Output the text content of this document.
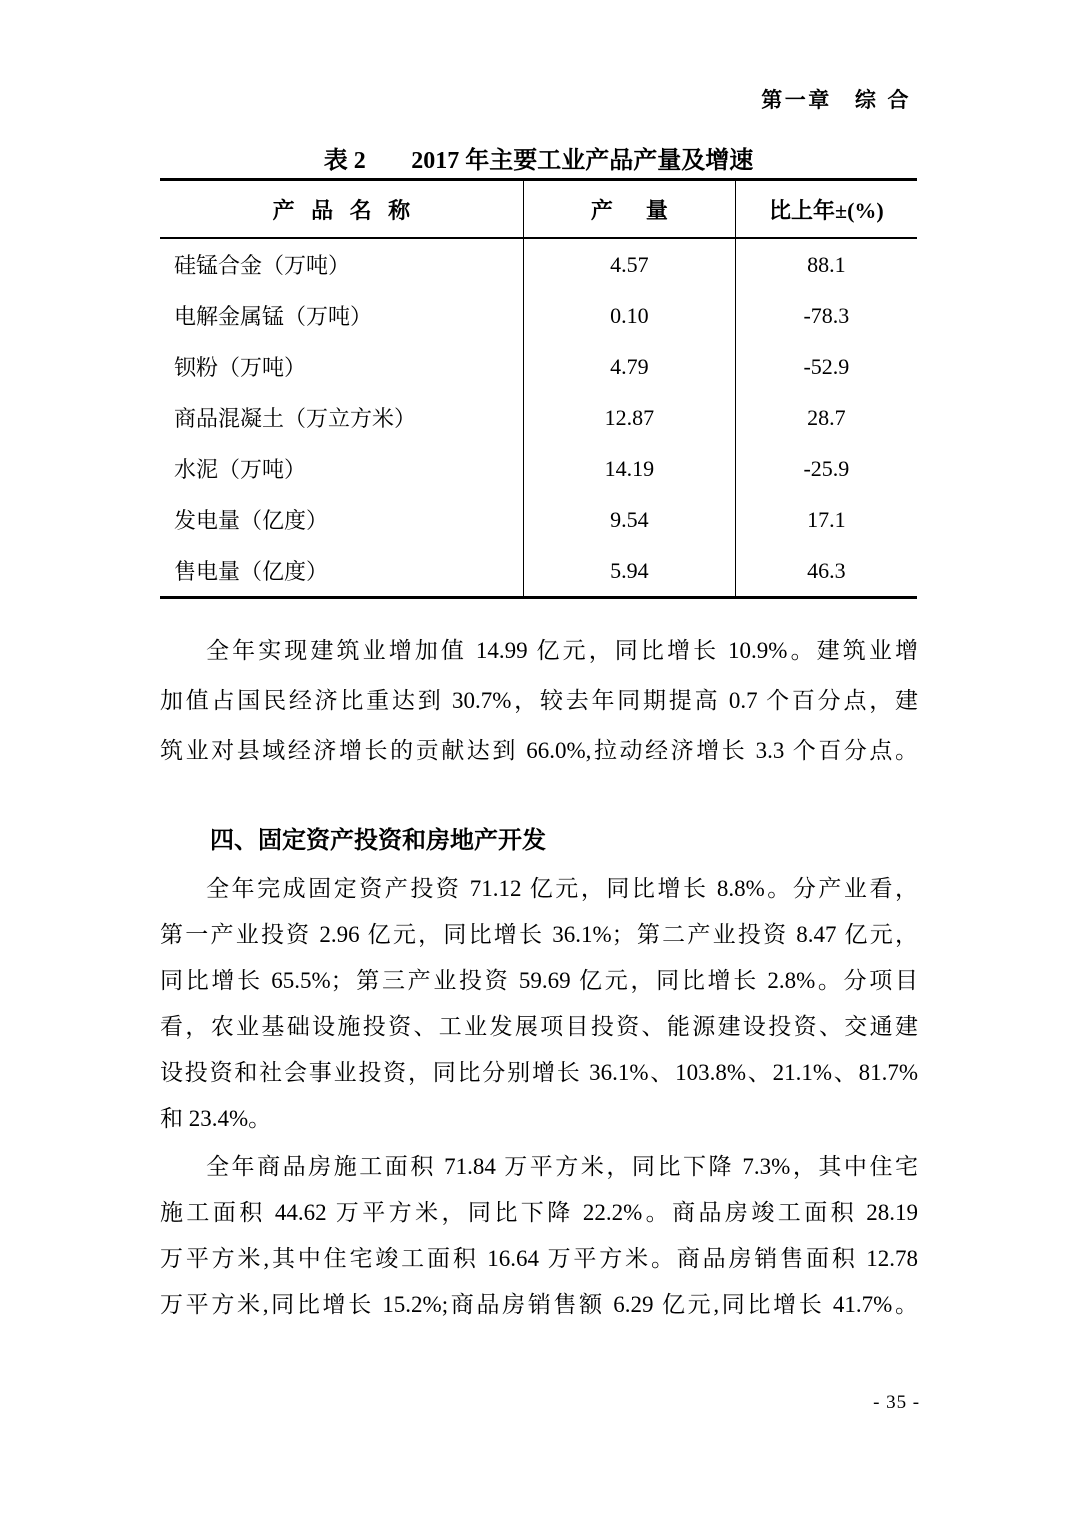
第一章 综合
表 2 2017 年主要工业产品产量及增速
产品名称	产量	比上年±(%)
硅锰合金（万吨）	4.57	88.1
电解金属锰（万吨）	0.10	-78.3
钡粉（万吨）	4.79	-52.9
商品混凝土（万立方米）	12.87	28.7
水泥（万吨）	14.19	-25.9
发电量（亿度）	9.54	17.1
售电量（亿度）	5.94	46.3
全年实现建筑业增加值 14.99 亿元，同比增长 10.9%。建筑业增
加值占国民经济比重达到 30.7%，较去年同期提高 0.7 个百分点，建
筑业对县域经济增长的贡献达到 66.0%,拉动经济增长 3.3 个百分点。
四、固定资产投资和房地产开发
全年完成固定资产投资 71.12 亿元，同比增长 8.8%。分产业看，
第一产业投资 2.96 亿元，同比增长 36.1%；第二产业投资 8.47 亿元，
同比增长 65.5%；第三产业投资 59.69 亿元，同比增长 2.8%。分项目
看，农业基础设施投资、工业发展项目投资、能源建设投资、交通建
设投资和社会事业投资，同比分别增长 36.1%、103.8%、21.1%、81.7%
和 23.4%。
全年商品房施工面积 71.84 万平方米，同比下降 7.3%，其中住宅
施工面积 44.62 万平方米，同比下降 22.2%。商品房竣工面积 28.19
万平方米,其中住宅竣工面积 16.64 万平方米。商品房销售面积 12.78
万平方米,同比增长 15.2%;商品房销售额 6.29 亿元,同比增长 41.7%。
- 35 -
